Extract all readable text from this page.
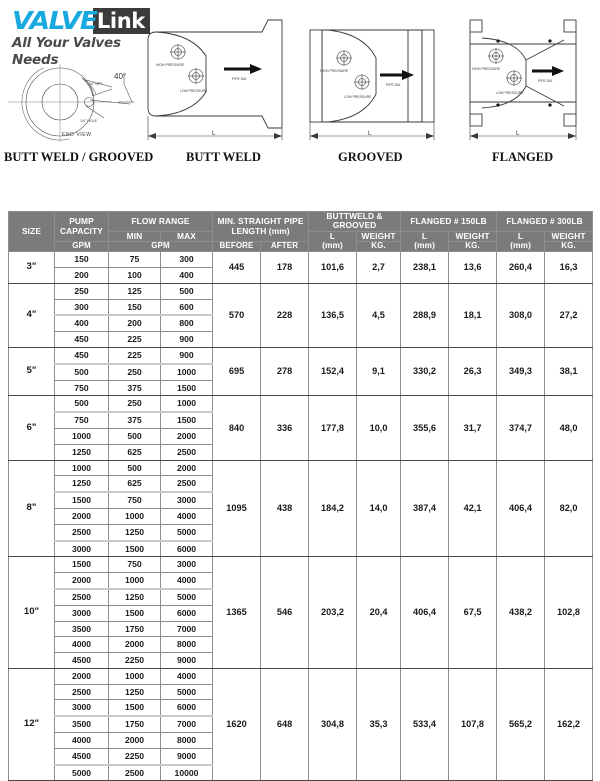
VALVE Link
All Your Valves Needs
40°
1/4" NPT
1/4" HOLE
END VIEW
HIGH PRESSURE
LOW PRESSURE
PIPE DIA
L
HIGH PRESSURE
LOW PRESSURE
PIPE DIA
L
HIGH PRESSURE
LOW PRESSURE
PIPE DIA
L
BUTT WELD / GROOVED	BUTT WELD	GROOVED	FLANGED
SIZE	PUMP CAPACITY	FLOW RANGE		MIN. STRAIGHT PIPE LENGTH (mm)		BUTTWELD & GROOVED		FLANGED # 150LB		FLANGED # 300LB	
		MIN	MAX			L
(mm)	WEIGHT	L
(mm)	WEIGHT	L
(mm)	WEIGHT
	GPM	GPM		BEFORE	AFTER		KG.		KG.		KG.
3"	150	75	300	445	178	101,6	2,7	238,1	13,6	260,4	16,3
	200	100	400								
4"	250	125	500	570	228	136,5	4,5	288,9	18,1	308,0	27,2
	300	150	600								
	400	200	800								
	450	225	900								
5"	450	225	900	695	278	152,4	9,1	330,2	26,3	349,3	38,1
	500	250	1000								
	750	375	1500								
6"	500	250	1000	840	336	177,8	10,0	355,6	31,7	374,7	48,0
	750	375	1500								
	1000	500	2000								
	1250	625	2500								
8"	1000	500	2000	1095	438	184,2	14,0	387,4	42,1	406,4	82,0
	1250	625	2500								
	1500	750	3000								
	2000	1000	4000								
	2500	1250	5000								
	3000	1500	6000								
10"	1500	750	3000	1365	546	203,2	20,4	406,4	67,5	438,2	102,8
	2000	1000	4000								
	2500	1250	5000								
	3000	1500	6000								
	3500	1750	7000								
	4000	2000	8000								
	4500	2250	9000								
12"	2000	1000	4000	1620	648	304,8	35,3	533,4	107,8	565,2	162,2
	2500	1250	5000								
	3000	1500	6000								
	3500	1750	7000								
	4000	2000	8000								
	4500	2250	9000								
	5000	2500	10000								
